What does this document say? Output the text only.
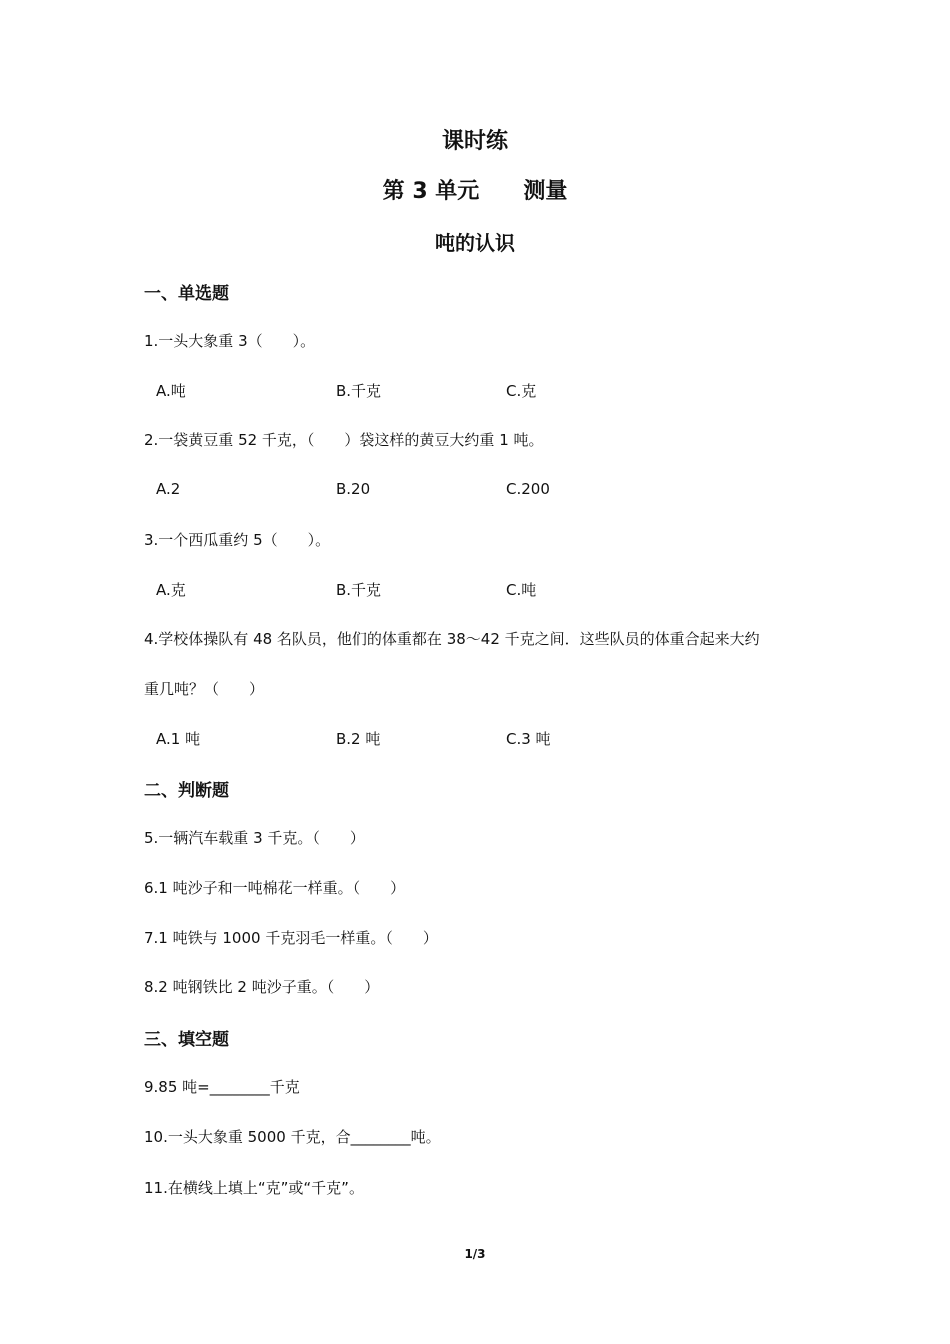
课时练
第 3 单元 测量
吨的认识
一、单选题
1.一头大象重 3（　　）。
A.吨	B.千克	C.克
2.一袋黄豆重 52 千克，（　　）袋这样的黄豆大约重 1 吨。
A.2	B.20	C.200
3.一个西瓜重约 5（　　）。
A.克	B.千克	C.吨
4.学校体操队有 48 名队员，他们的体重都在 38～42 千克之间．这些队员的体重合起来大约
重几吨？（　　）
A.1 吨	B.2 吨	C.3 吨
二、判断题
5.一辆汽车载重 3 千克。（　　）
6.1 吨沙子和一吨棉花一样重。（　　）
7.1 吨铁与 1000 千克羽毛一样重。（　　）
8.2 吨钢铁比 2 吨沙子重。（　　）
三、填空题
9.85 吨=________千克
10.一头大象重 5000 千克，合________吨。
11.在横线上填上“克”或“千克”。
1/3
